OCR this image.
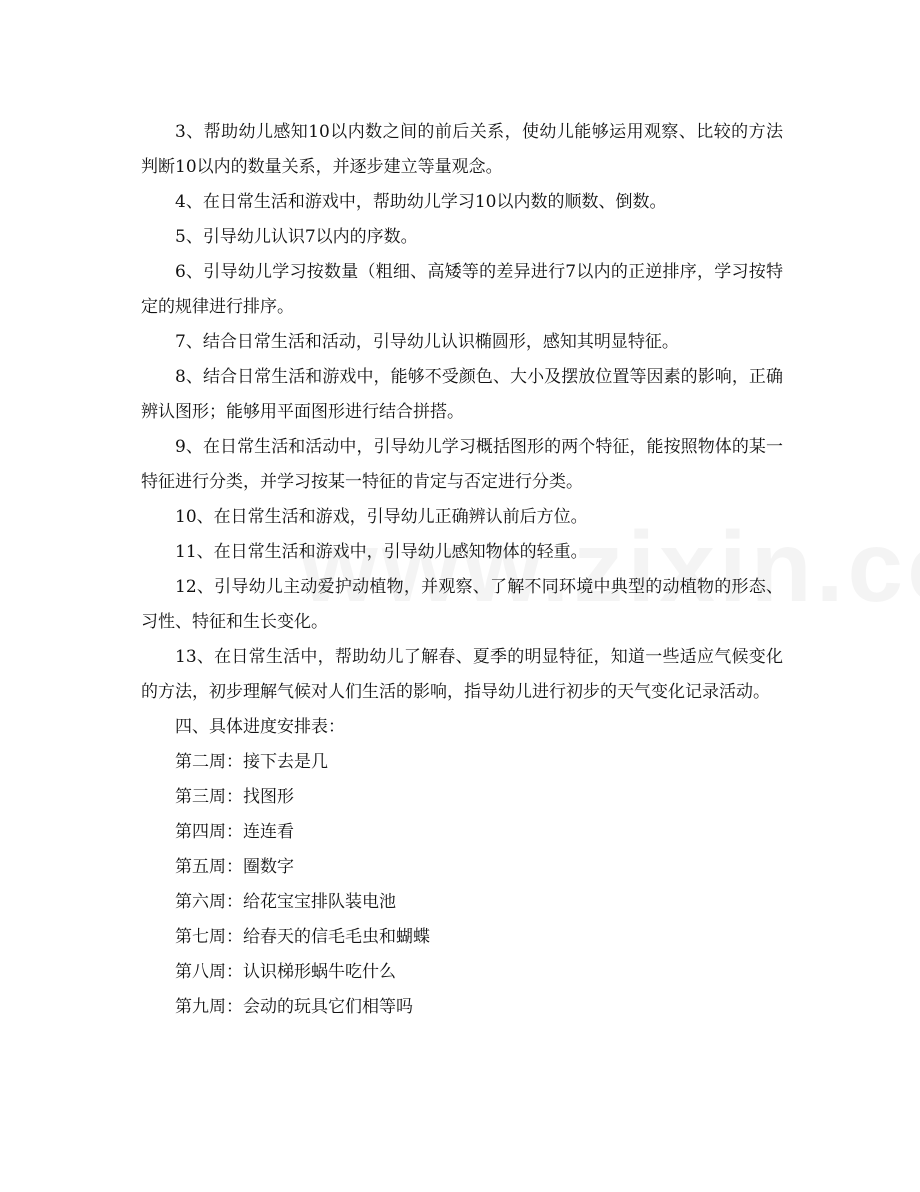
3、帮助幼儿感知10以内数之间的前后关系，使幼儿能够运用观察、比较的方法判断10以内的数量关系，并逐步建立等量观念。

4、在日常生活和游戏中，帮助幼儿学习10以内数的顺数、倒数。

5、引导幼儿认识7以内的序数。

6、引导幼儿学习按数量（粗细、高矮等的差异进行7以内的正逆排序，学习按特定的规律进行排序。

7、结合日常生活和活动，引导幼儿认识椭圆形，感知其明显特征。

8、结合日常生活和游戏中，能够不受颜色、大小及摆放位置等因素的影响，正确辨认图形；能够用平面图形进行结合拼搭。

9、在日常生活和活动中，引导幼儿学习概括图形的两个特征，能按照物体的某一特征进行分类，并学习按某一特征的肯定与否定进行分类。

10、在日常生活和游戏，引导幼儿正确辨认前后方位。

11、在日常生活和游戏中，引导幼儿感知物体的轻重。

12、引导幼儿主动爱护动植物，并观察、了解不同环境中典型的动植物的形态、习性、特征和生长变化。

13、在日常生活中，帮助幼儿了解春、夏季的明显特征，知道一些适应气候变化的方法，初步理解气候对人们生活的影响，指导幼儿进行初步的天气变化记录活动。

四、具体进度安排表：

第二周：接下去是几

第三周：找图形

第四周：连连看

第五周：圈数字

第六周：给花宝宝排队装电池

第七周：给春天的信毛毛虫和蝴蝶

第八周：认识梯形蜗牛吃什么

第九周：会动的玩具它们相等吗
